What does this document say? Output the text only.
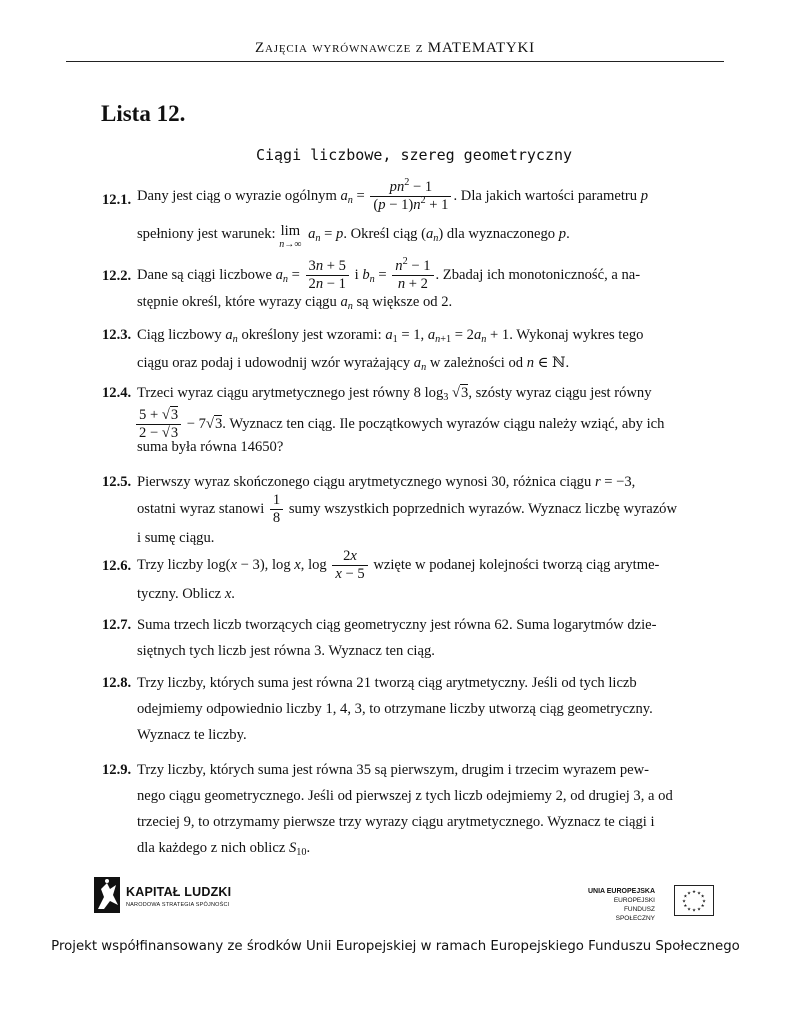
Zajęcia wyrównawcze z MATEMATYKI
Lista 12.
Ciągi liczbowe, szereg geometryczny
12.1. Dany jest ciąg o wyrazie ogólnym $a_n = \frac{pn^2 - 1}{(p - 1)n^2 + 1}$ . Dla jakich wartości parametru p
spełniony jest warunek: lim
n→∞
$a_n = p$. Określ ciąg $(a_n)$ dla wyznaczonego p.
12.2. Dane są ciągi liczbowe $a_n = \frac{3n + 5}{2n - 1}$ i $b_n = \frac{n^2 - 1}{n + 2}$ . Zbadaj ich monotoniczność, a na-
stępnie określ, które wyrazy ciągu $a_n$ są większe od 2.
12.3. Ciąg liczbowy $a_n$ określony jest wzorami: $a_1 = 1$, $a_{n+1} = 2a_n + 1$. Wykonaj wykres tego
ciągu oraz podaj i udowodnij wzór wyrażający $a_n$ w zależności od n ∈ ℕ.
12.4. Trzeci wyraz ciągu arytmetycznego jest równy 8 $\log_3 √3$, szósty wyraz ciągu jest równy
$\frac{5 + √3}{2 - √3} - 7√3$. Wyznacz ten ciąg. Ile początkowych wyrazów ciągu należy wziąć, aby ich
suma była równa 14650?
12.5. Pierwszy wyraz skończonego ciągu arytmetycznego wynosi 30, różnica ciągu r = −3,
ostatni wyraz stanowi $\frac{1}{8}$ sumy wszystkich poprzednich wyrazów. Wyznacz liczbę wyrazów
i sumę ciągu.
12.6. Trzy liczby log(x − 3), log x, $\log \frac{2x}{x - 5}$ wzięte w podanej kolejności tworzą ciąg arytme-
tyczny. Oblicz x.
12.7. Suma trzech liczb tworzących ciąg geometryczny jest równa 62. Suma logarytmów dzie-
siętnych tych liczb jest równa 3. Wyznacz ten ciąg.
12.8. Trzy liczby, których suma jest równa 21 tworzą ciąg arytmetyczny. Jeśli od tych liczb
odejmiemy odpowiednio liczby 1, 4, 3, to otrzymane liczby utworzą ciąg geometryczny.
Wyznacz te liczby.
12.9. Trzy liczby, których suma jest równa 35 są pierwszym, drugim i trzecim wyrazem pew-
nego ciągu geometrycznego. Jeśli od pierwszej z tych liczb odejmiemy 2, od drugiej 3, a od
trzeciej 9, to otrzymamy pierwsze trzy wyrazy ciągu arytmetycznego. Wyznacz te ciągi i
dla każdego z nich oblicz $S_{10}$.
KAPITAŁ LUDZKI
NARODOWA STRATEGIA SPÓJNOŚCI
UNIA EUROPEJSKA
EUROPEJSKI
FUNDUSZ SPOŁECZNY
★ ★
★
★
★
★
★
★
★
★
★
★
Projekt współfinansowany ze środków Unii Europejskiej w ramach Europejskiego Funduszu Społecznego
